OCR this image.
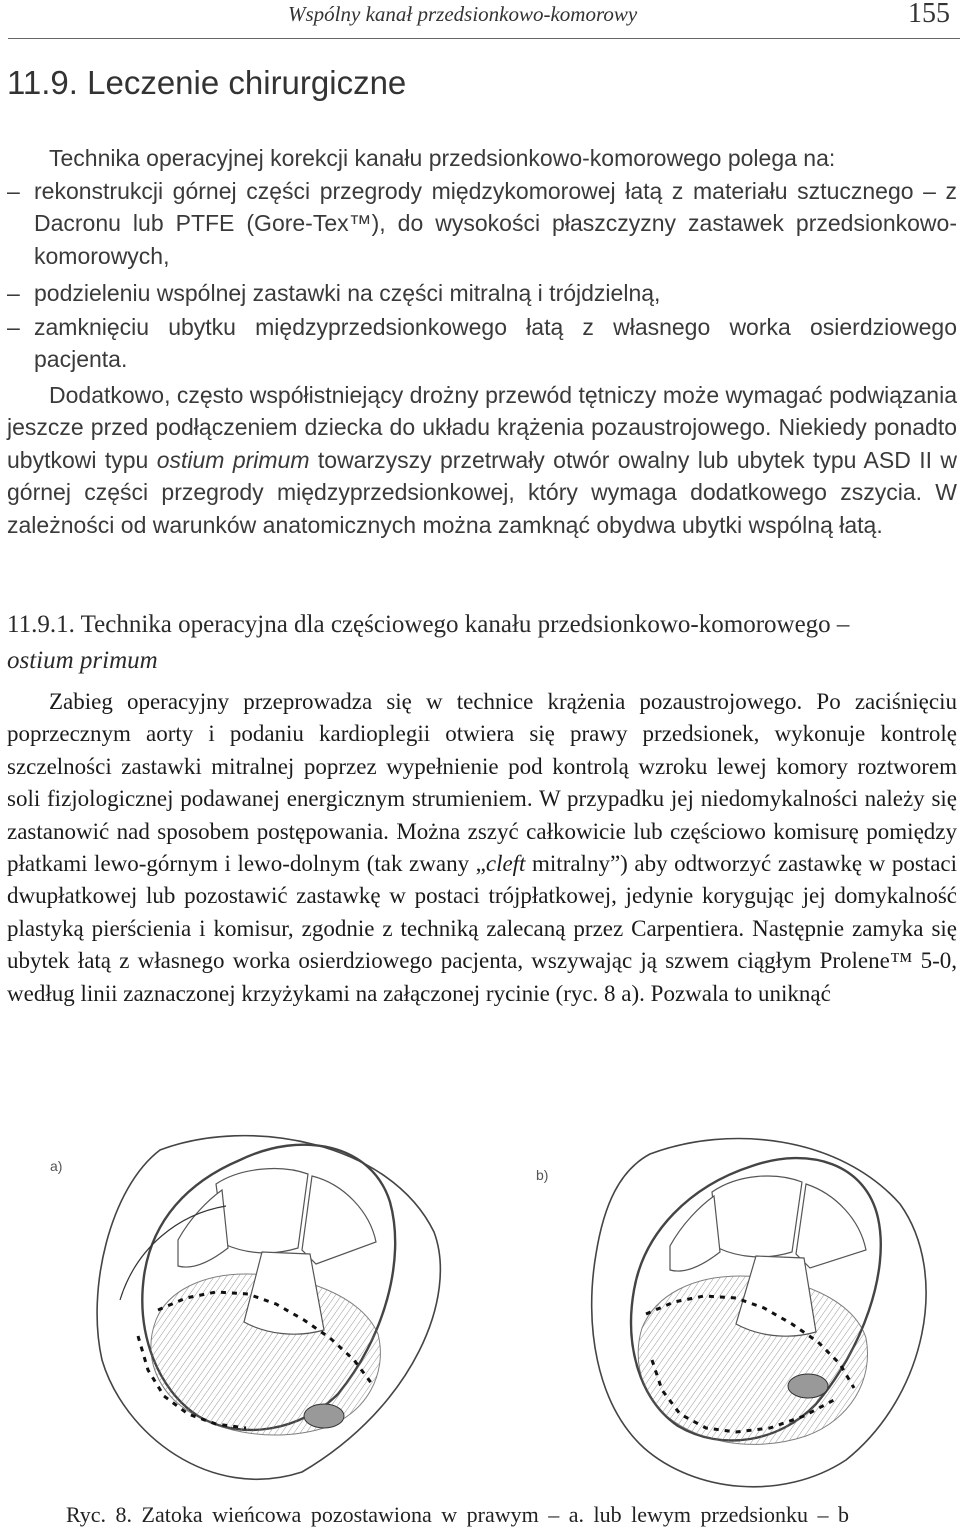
Wspólny kanał przedsionkowo-komorowy	155
11.9. Leczenie chirurgiczne

Technika operacyjnej korekcji kanału przedsionkowo-komorowego polega na:

– rekonstrukcji górnej części przegrody międzykomorowej łatą z materiału sztucznego – z Dacronu lub PTFE (Gore-Tex™), do wysokości płaszczyzny zastawek przedsionkowo-komorowych,

– podzieleniu wspólnej zastawki na części mitralną i trójdzielną,

– zamknięciu ubytku międzyprzedsionkowego łatą z własnego worka osierdziowego pacjenta.

Dodatkowo, często współistniejący drożny przewód tętniczy może wymagać podwiązania jeszcze przed podłączeniem dziecka do układu krążenia pozaustrojowego. Niekiedy ponadto ubytkowi typu ostium primum towarzyszy przetrwały otwór owalny lub ubytek typu ASD II w górnej części przegrody międzyprzedsionkowej, który wymaga dodatkowego zszycia. W zależności od warunków anatomicznych można zamknąć obydwa ubytki wspólną łatą.

11.9.1. Technika operacyjna dla częściowego kanału przedsionkowo-komorowego – ostium primum

Zabieg operacyjny przeprowadza się w technice krążenia pozaustrojowego. Po zaciśnięciu poprzecznym aorty i podaniu kardioplegii otwiera się prawy przedsionek, wykonuje kontrolę szczelności zastawki mitralnej poprzez wypełnienie pod kontrolą wzroku lewej komory roztworem soli fizjologicznej podawanej energicznym strumieniem. W przypadku jej niedomykalności należy się zastanowić nad sposobem postępowania. Można zszyć całkowicie lub częściowo komisurę pomiędzy płatkami lewo-górnym i lewo-dolnym (tak zwany „cleft mitralny”) aby odtworzyć zastawkę w postaci dwupłatkowej lub pozostawić zastawkę w postaci trójpłatkowej, jedynie korygując jej domykalność plastyką pierścienia i komisur, zgodnie z techniką zalecaną przez Carpentiera. Następnie zamyka się ubytek łatą z własnego worka osierdziowego pacjenta, wszywając ją szwem ciągłym Prolene™ 5-0, według linii zaznaczonej krzyżykami na załączonej rycinie (ryc. 8 a). Pozwala to uniknąć

a)
b)

Ryc. 8. Zatoka wieńcowa pozostawiona w prawym – a. lub lewym przedsionku – b
